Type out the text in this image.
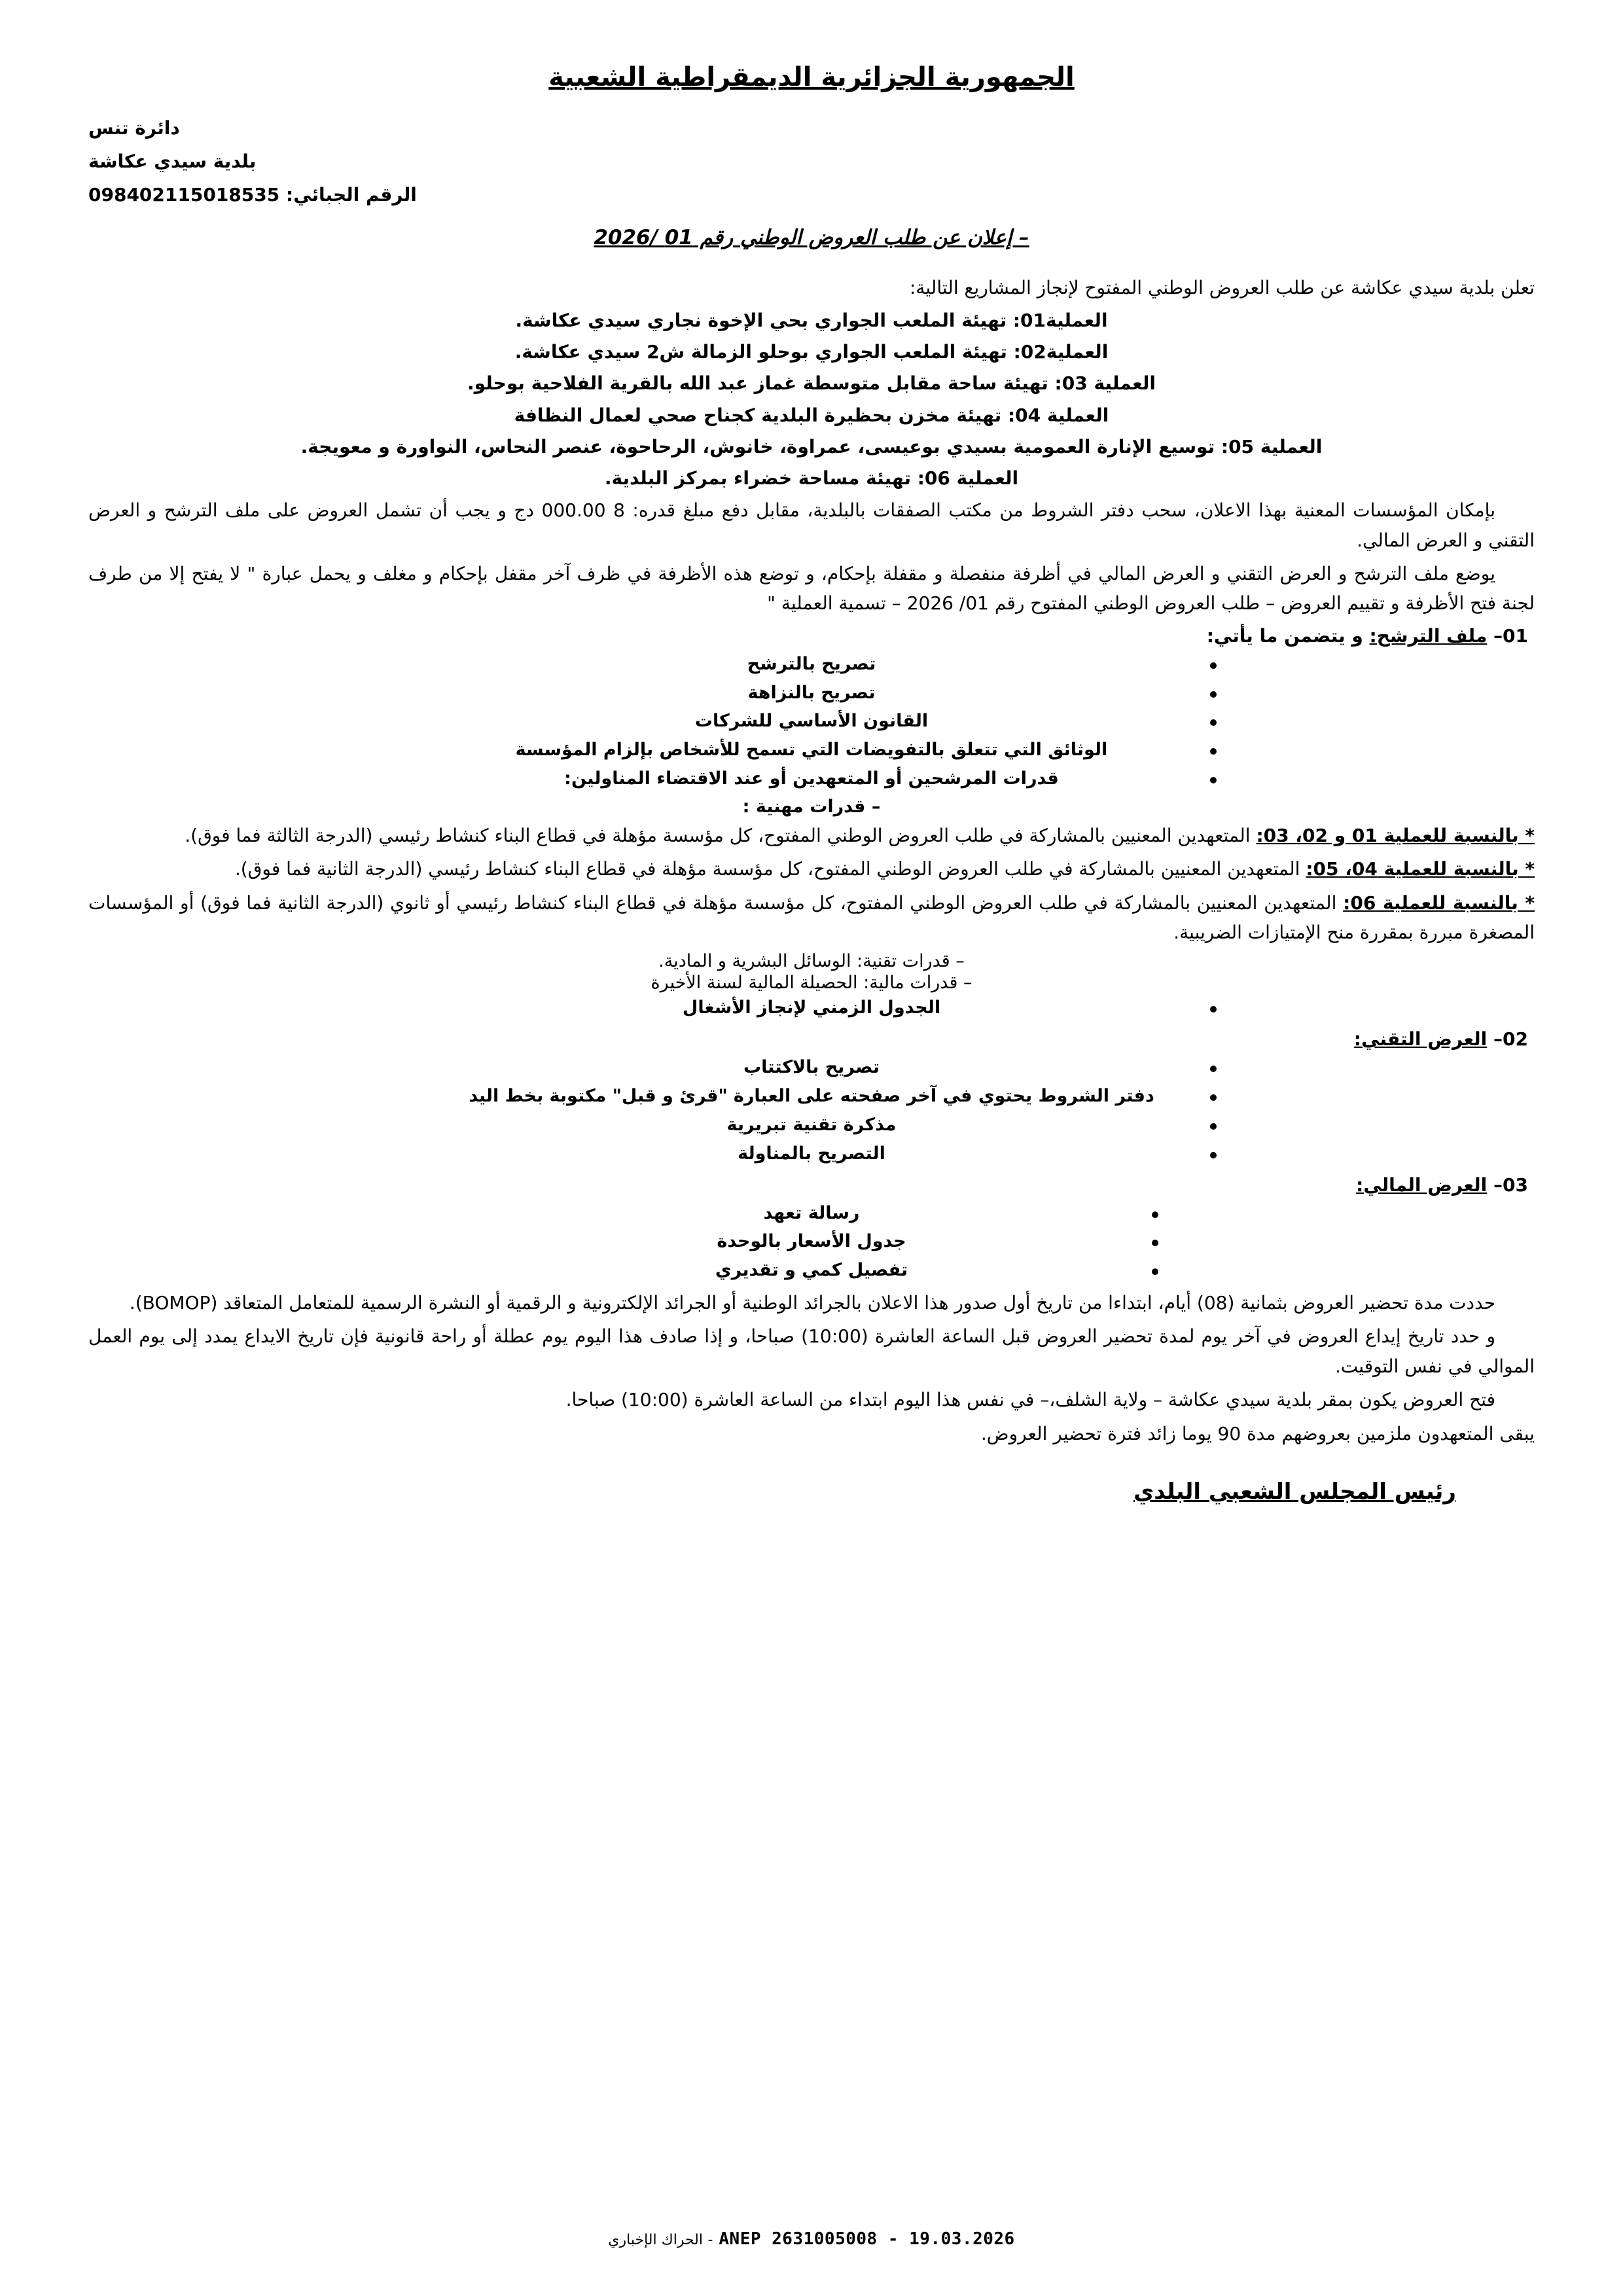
الجمهورية الجزائرية الديمقراطية الشعبية
دائرة تنس
بلدية سيدي عكاشة
الرقم الجبائي: 098402115018535
– إعلان عن طلب العروض الوطني رقم 01 /2026

تعلن بلدية سيدي عكاشة عن طلب العروض الوطني المفتوح لإنجاز المشاريع التالية:

العملية01: تهيئة الملعب الجواري بحي الإخوة نجاري سيدي عكاشة.
العملية02: تهيئة الملعب الجواري بوحلو الزمالة ش2 سيدي عكاشة.
العملية 03: تهيئة ساحة مقابل متوسطة غماز عبد الله بالقرية الفلاحية بوحلو.
العملية 04: تهيئة مخزن بحظيرة البلدية كجناح صحي لعمال النظافة
العملية 05: توسيع الإنارة العمومية بسيدي بوعيسى، عمراوة، خانوش، الرحاحوة، عنصر النحاس، النواورة و معويجة.
العملية 06: تهيئة مساحة خضراء بمركز البلدية.

بإمكان المؤسسات المعنية بهذا الاعلان، سحب دفتر الشروط من مكتب الصفقات بالبلدية، مقابل دفع مبلغ قدره: 8 000.00 دج و يجب أن تشمل العروض على ملف الترشح و العرض التقني و العرض المالي.

يوضع ملف الترشح و العرض التقني و العرض المالي في أظرفة منفصلة و مقفلة بإحكام، و توضع هذه الأظرفة في ظرف آخر مقفل بإحكام و مغلف و يحمل عبارة " لا يفتح إلا من طرف لجنة فتح الأظرفة و تقييم العروض – طلب العروض الوطني المفتوح رقم 01/ 2026 – تسمية العملية "

01– ملف الترشح: و يتضمن ما يأتي:
تصريح بالترشح
تصريح بالنزاهة
القانون الأساسي للشركات
الوثائق التي تتعلق بالتفويضات التي تسمح للأشخاص بإلزام المؤسسة
قدرات المرشحين أو المتعهدين أو عند الاقتضاء المناولين:
– قدرات مهنية :

* بالنسبة للعملية 01 و 02، 03: المتعهدين المعنيين بالمشاركة في طلب العروض الوطني المفتوح، كل مؤسسة مؤهلة في قطاع البناء كنشاط رئيسي (الدرجة الثالثة فما فوق).

* بالنسبة للعملية 04، 05: المتعهدين المعنيين بالمشاركة في طلب العروض الوطني المفتوح، كل مؤسسة مؤهلة في قطاع البناء كنشاط رئيسي (الدرجة الثانية فما فوق).

* بالنسبة للعملية 06: المتعهدين المعنيين بالمشاركة في طلب العروض الوطني المفتوح، كل مؤسسة مؤهلة في قطاع البناء كنشاط رئيسي أو ثانوي (الدرجة الثانية فما فوق) أو المؤسسات المصغرة مبررة بمقررة منح الإمتيازات الضريبية.

– قدرات تقنية: الوسائل البشرية و المادية.
– قدرات مالية: الحصيلة المالية لسنة الأخيرة
الجدول الزمني لإنجاز الأشغال
02– العرض التقني:
تصريح بالاكتتاب
دفتر الشروط يحتوي في آخر صفحته على العبارة "قرئ و قبل" مكتوبة بخط اليد
مذكرة تقنية تبريرية
التصريح بالمناولة
03– العرض المالي:
رسالة تعهد
جدول الأسعار بالوحدة
تفصيل كمي و تقديري

حددت مدة تحضير العروض بثمانية (08) أيام، ابتداءا من تاريخ أول صدور هذا الاعلان بالجرائد الوطنية أو الجرائد الإلكترونية و الرقمية أو النشرة الرسمية للمتعامل المتعاقد (BOMOP).

و حدد تاريخ إيداع العروض في آخر يوم لمدة تحضير العروض قبل الساعة العاشرة (10:00) صباحا، و إذا صادف هذا اليوم يوم عطلة أو راحة قانونية فإن تاريخ الايداع يمدد إلى يوم العمل الموالي في نفس التوقيت.

فتح العروض يكون بمقر بلدية سيدي عكاشة – ولاية الشلف،– في نفس هذا اليوم ابتداء من الساعة العاشرة (10:00) صباحا.

يبقى المتعهدون ملزمين بعروضهم مدة 90 يوما زائد فترة تحضير العروض.

رئيس المجلس الشعبي البلدي
ANEP 2631005008 - 19.03.2026 - الحراك الإخباري
